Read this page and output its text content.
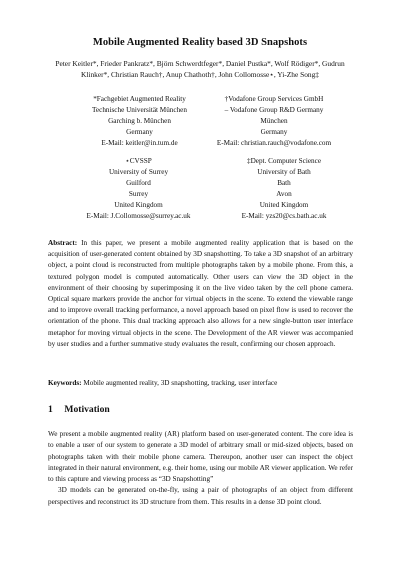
Mobile Augmented Reality based 3D Snapshots
Peter Keitler*, Frieder Pankratz*, Björn Schwerdtfeger*, Daniel Pustka*, Wolf Rödiger*, Gudrun
Klinker*, Christian Rauch†, Anup Chathoth†, John Collomosse⋆, Yi-Zhe Song‡
*Fachgebiet Augmented Reality
Technische Universität München
Garching b. München
Germany
E-Mail: keitler@in.tum.de
†Vodafone Group Services GmbH
– Vodafone Group R&D Germany
München
Germany
E-Mail: christian.rauch@vodafone.com
⋆CVSSP
University of Surrey
Guilford
Surrey
United Kingdom
E-Mail: J.Collomosse@surrey.ac.uk
‡Dept. Computer Science
University of Bath
Bath
Avon
United Kingdom
E-Mail: yzs20@cs.bath.ac.uk
Abstract: In this paper, we present a mobile augmented reality application that is based on the acquisition of user-generated content obtained by 3D snapshotting. To take a 3D snapshot of an arbitrary object, a point cloud is reconstructed from multiple photographs taken by a mobile phone. From this, a textured polygon model is computed automatically. Other users can view the 3D object in the environment of their choosing by superimposing it on the live video taken by the cell phone camera. Optical square markers provide the anchor for virtual objects in the scene. To extend the viewable range and to improve overall tracking performance, a novel approach based on pixel flow is used to recover the orientation of the phone. This dual tracking approach also allows for a new single-button user interface metaphor for moving virtual objects in the scene. The Development of the AR viewer was accompanied by user studies and a further summative study evaluates the result, confirming our chosen approach.
Keywords: Mobile augmented reality, 3D snapshotting, tracking, user interface
1 Motivation

We present a mobile augmented reality (AR) platform based on user-generated content. The core idea is to enable a user of our system to generate a 3D model of arbitrary small or mid-sized objects, based on photographs taken with their mobile phone camera. Thereupon, another user can inspect the object integrated in their natural environment, e.g. their home, using our mobile AR viewer application. We refer to this capture and viewing process as “3D Snapshotting”

3D models can be generated on-the-fly, using a pair of photographs of an object from different perspectives and reconstruct its 3D structure from them. This results in a dense 3D point cloud.
